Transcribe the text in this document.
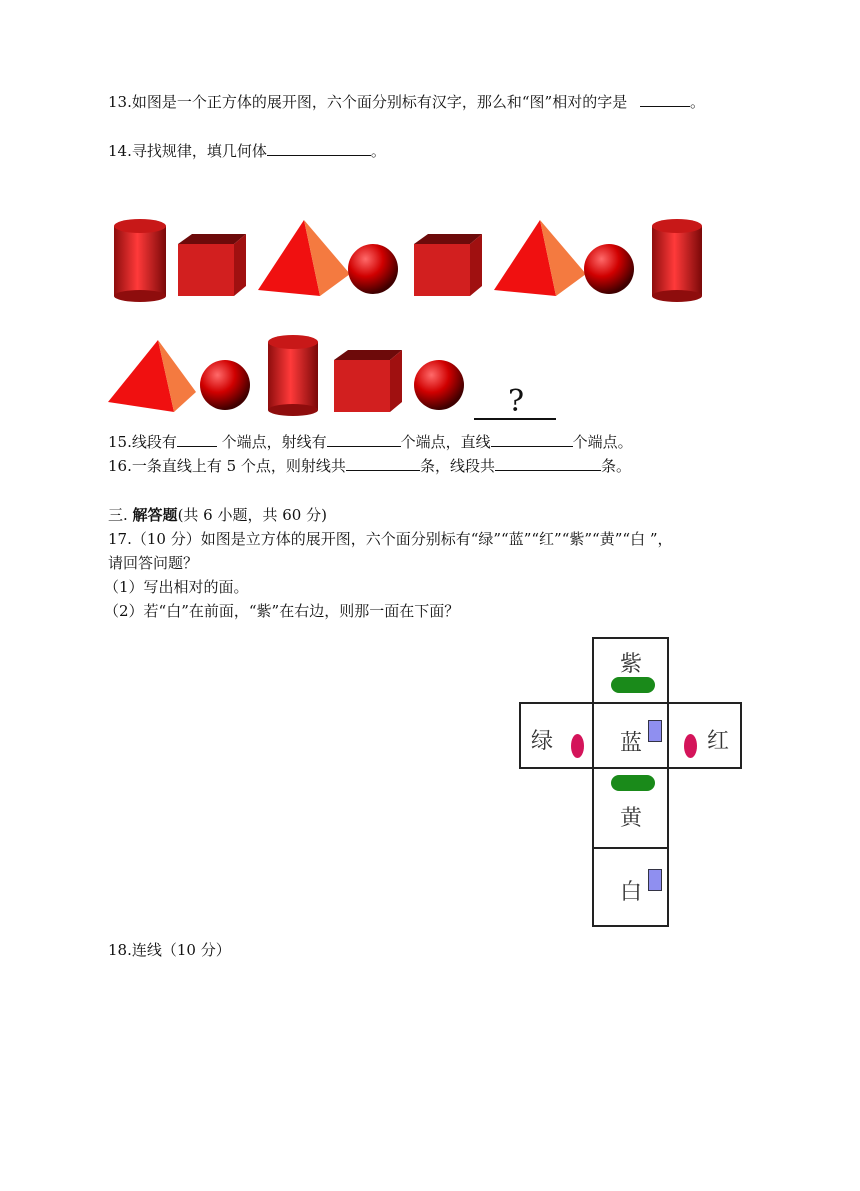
13.如图是一个正方体的展开图，六个面分别标有汉字，那么和“图”相对的字是	。
14.寻找规律，填几何体	。
?
15.线段有	个端点，射线有	个端点，直线	个端点。
16.一条直线上有 5 个点，则射线共	条，线段共	条。
三. 解答题(共 6 小题，共 60 分)
17.（10 分）如图是立方体的展开图，六个面分别标有“绿”“蓝”“红”“紫”“黄”“白 ”，
请回答问题？
（1）写出相对的面。
（2）若“白”在前面，“紫”在右边，则那一面在下面？
紫
绿	蓝	红
黄
白
18.连线（10 分）
